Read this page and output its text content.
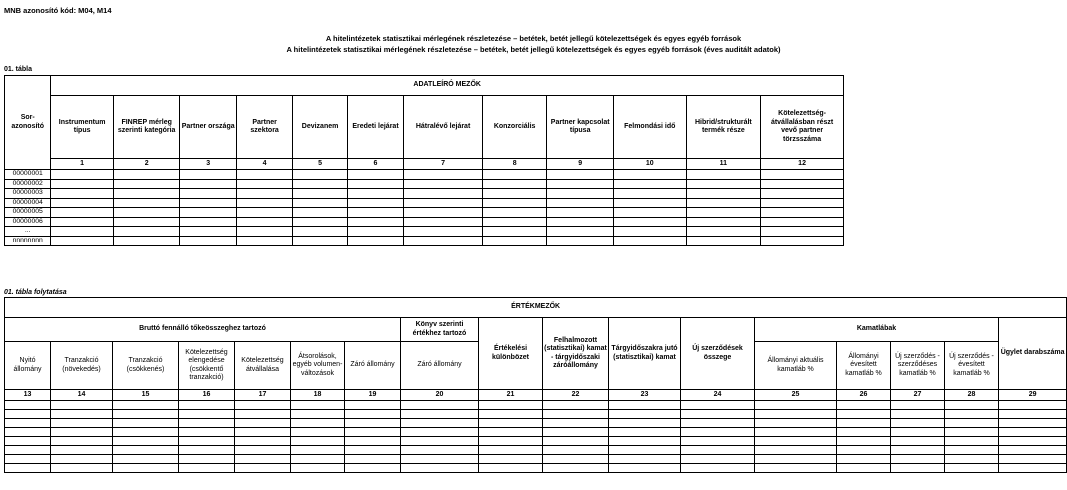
MNB azonosító kód: M04, M14
A hitelintézetek statisztikai mérlegének részletezése – betétek, betét jellegű kötelezettségek és egyes egyéb források
A hitelintézetek statisztikai mérlegének részletezése – betétek, betét jellegű kötelezettségek és egyes egyéb források (éves auditált adatok)
01. tábla
Sor-azonosító	ADATLEÍRÓ MEZŐK											
	Instrumentum típus	FINREP mérleg szerinti kategória	Partner országa	Partner szektora	Devizanem	Eredeti lejárat	Hátralévő lejárat	Konzorciális	Partner kapcsolat típusa	Felmondási idő	Hibrid/strukturált termék része	Kötelezettség-átvállalásban részt vevő partner törzsszáma
	1	2	3	4	5	6	7	8	9	10	11	12
00000001												
00000002												
00000003												
00000004												
00000005												
00000006												
...												
nnnnnnnn												
01. tábla folytatása
ÉRTÉKMEZŐK																
Bruttó fennálló tőkeösszeghez tartozó							Könyv szerinti értékhez tartozó	Értékelési különbözet	Felhalmozott (statisztikai) kamat - tárgyidőszaki záróállomány	Tárgyidőszakra jutó (statisztikai) kamat	Új szerződések összege	Kamatlábak				Ügylet darabszáma
Nyitó állomány	Tranzakció (növekedés)	Tranzakció (csökkenés)	Kötelezettség elengedése (csökkentő tranzakció)	Kötelezettség átvállalása	Átsorolások, egyéb volumen-változások	Záró állomány	Záró állomány					Állományi aktuális kamatláb %	Állományi évesített kamatláb %	Új szerződés - szerződéses kamatláb %	Új szerződés - évesített kamatláb %	
13	14	15	16	17	18	19	20	21	22	23	24	25	26	27	28	29
